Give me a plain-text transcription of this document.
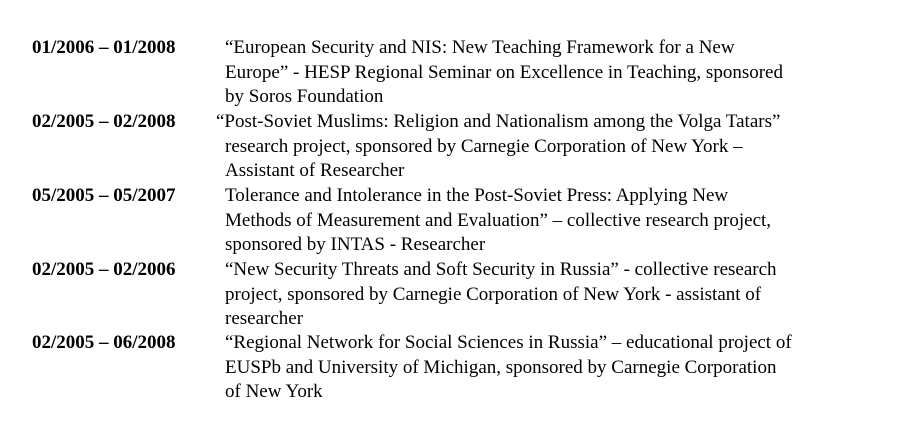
01/2006 – 01/2008	“European Security and NIS: New Teaching Framework for a New
Europe” - HESP Regional Seminar on Excellence in Teaching, sponsored
by Soros Foundation
02/2005 – 02/2008 “Post-Soviet Muslims: Religion and Nationalism among the Volga Tatars”
research project, sponsored by Carnegie Corporation of New York –
Assistant of Researcher
05/2005 – 05/2007	Tolerance and Intolerance in the Post-Soviet Press: Applying New
Methods of Measurement and Evaluation” – collective research project,
sponsored by INTAS - Researcher
02/2005 – 02/2006	“New Security Threats and Soft Security in Russia” - collective research
project, sponsored by Carnegie Corporation of New York - assistant of
researcher
02/2005 – 06/2008	“Regional Network for Social Sciences in Russia” – educational project of
EUSPb and University of Michigan, sponsored by Carnegie Corporation
of New York
